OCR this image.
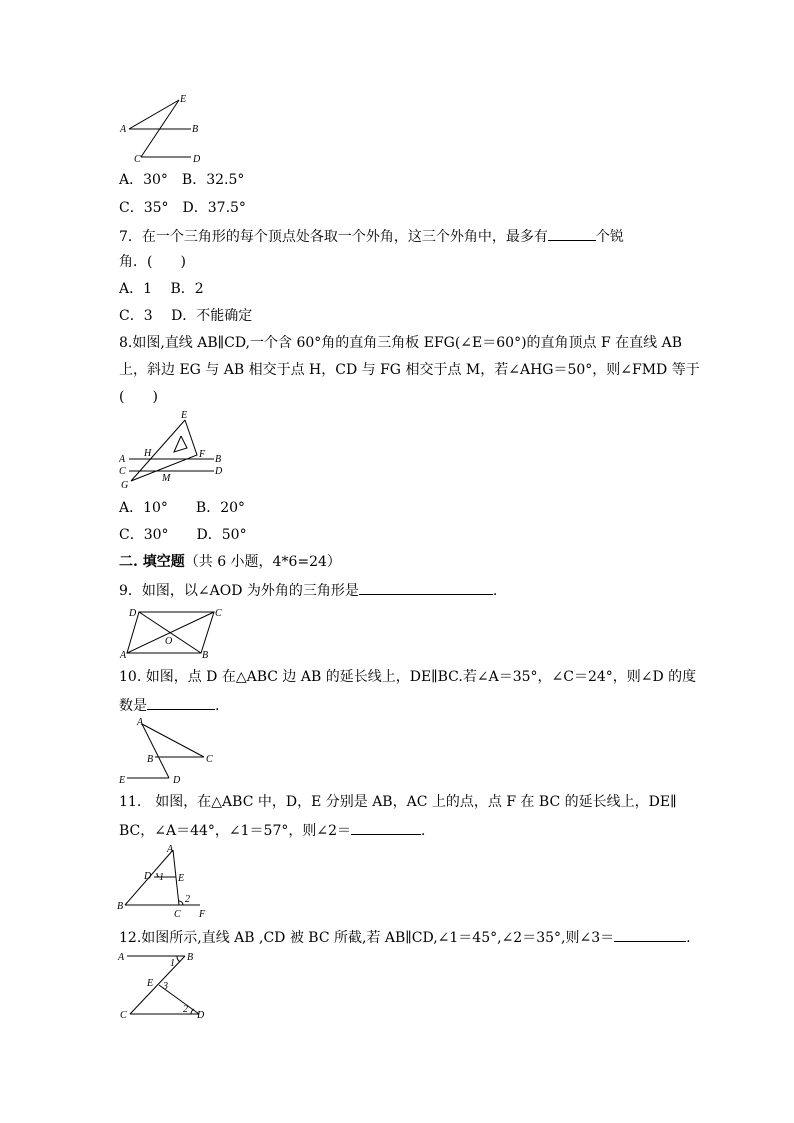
A	B
C	D
E
A．30°　B．32.5°
C．35°　D．37.5°
7．在一个三角形的每个顶点处各取一个外角，这三个外角中，最多有	个锐
角．(　　)
A．1　 B．2
C．3　 D．不能确定
8.如图,直线 AB∥CD,一个含 60°角的直角三角板 EFG(∠E＝60°)的直角顶点 F 在直线 AB
上，斜边 EG 与 AB 相交于点 H，CD 与 FG 相交于点 M，若∠AHG＝50°，则∠FMD 等于
(　　)
A	B
C	D
E
F
G
H
M
A．10°　　B．20°
C．30°　　D．50°
二. 填空题（共 6 小题，4*6=24）
9．如图，以∠AOD 为外角的三角形是	.
D	C
A	B
O
10. 如图，点 D 在△ABC 边 AB 的延长线上，DE∥BC.若∠A＝35°，∠C＝24°，则∠D 的度
数是	.
A
B	C
D
E
11.　如图，在△ABC 中，D，E 分别是 AB，AC 上的点，点 F 在 BC 的延长线上，DE∥
BC，∠A＝44°，∠1＝57°，则∠2＝	.
A
B
C
D	E
F
1
2
12.如图所示,直线 AB ,CD 被 BC 所截,若 AB∥CD,∠1＝45°,∠2＝35°,则∠3＝	.
A	B
C	D
E
1
2
3
